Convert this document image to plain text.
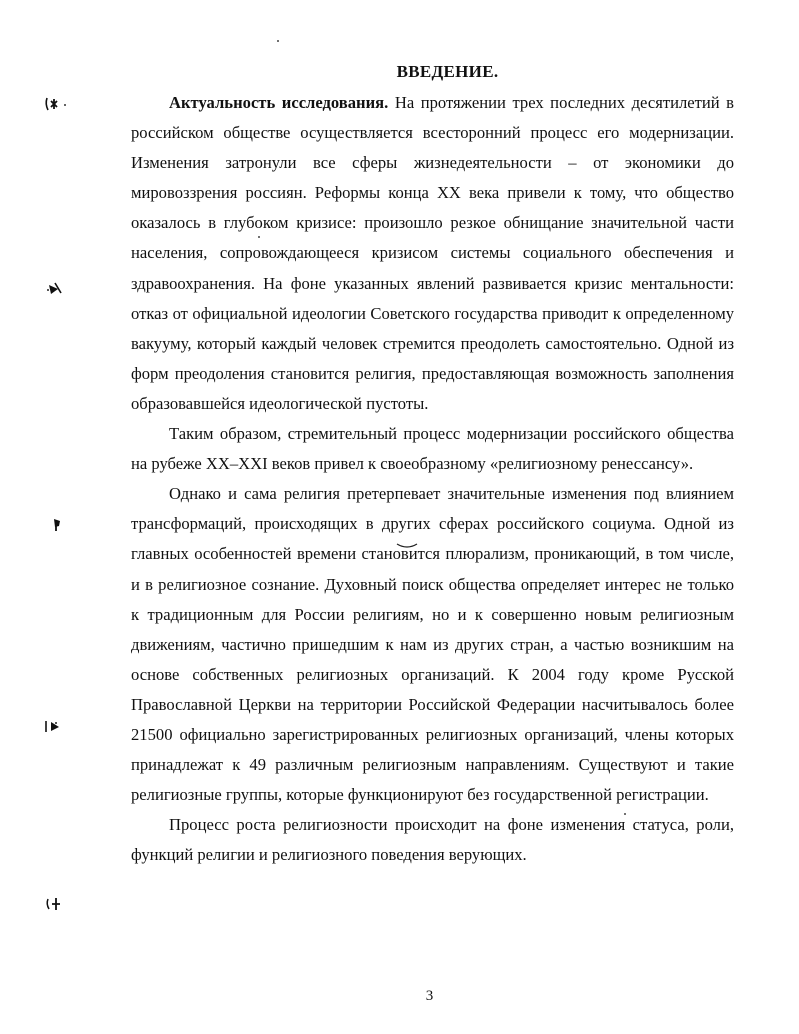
ВВЕДЕНИЕ.

Актуальность исследования. На протяжении трех последних десятилетий в российском обществе осуществляется всесторонний процесс его модернизации. Изменения затронули все сферы жизнедеятельности – от экономики до мировоззрения россиян. Реформы конца XX века привели к тому, что общество оказалось в глубоком кризисе: произошло резкое обнищание значительной части населения, сопровождающееся кризисом системы социального обеспечения и здравоохранения. На фоне указанных явлений развивается кризис ментальности: отказ от официальной идеологии Советского государства приводит к определенному вакууму, который каждый человек стремится преодолеть самостоятельно. Одной из форм преодоления становится религия, предоставляющая возможность заполнения образовавшейся идеологической пустоты.

Таким образом, стремительный процесс модернизации российского общества на рубеже XX–XXI веков привел к своеобразному «религиозному ренессансу».

Однако и сама религия претерпевает значительные изменения под влиянием трансформаций, происходящих в других сферах российского социума. Одной из главных особенностей времени становится плюрализм, проникающий, в том числе, и в религиозное сознание. Духовный поиск общества определяет интерес не только к традиционным для России религиям, но и к совершенно новым религиозным движениям, частично пришедшим к нам из других стран, а частью возникшим на основе собственных религиозных организаций. К 2004 году кроме Русской Православной Церкви на территории Российской Федерации насчитывалось более 21500 официально зарегистрированных религиозных организаций, члены которых принадлежат к 49 различным религиозным направлениям. Существуют и такие религиозные группы, которые функционируют без государственной регистрации.

Процесс роста религиозности происходит на фоне изменения статуса, роли, функций религии и религиозного поведения верующих.

3
